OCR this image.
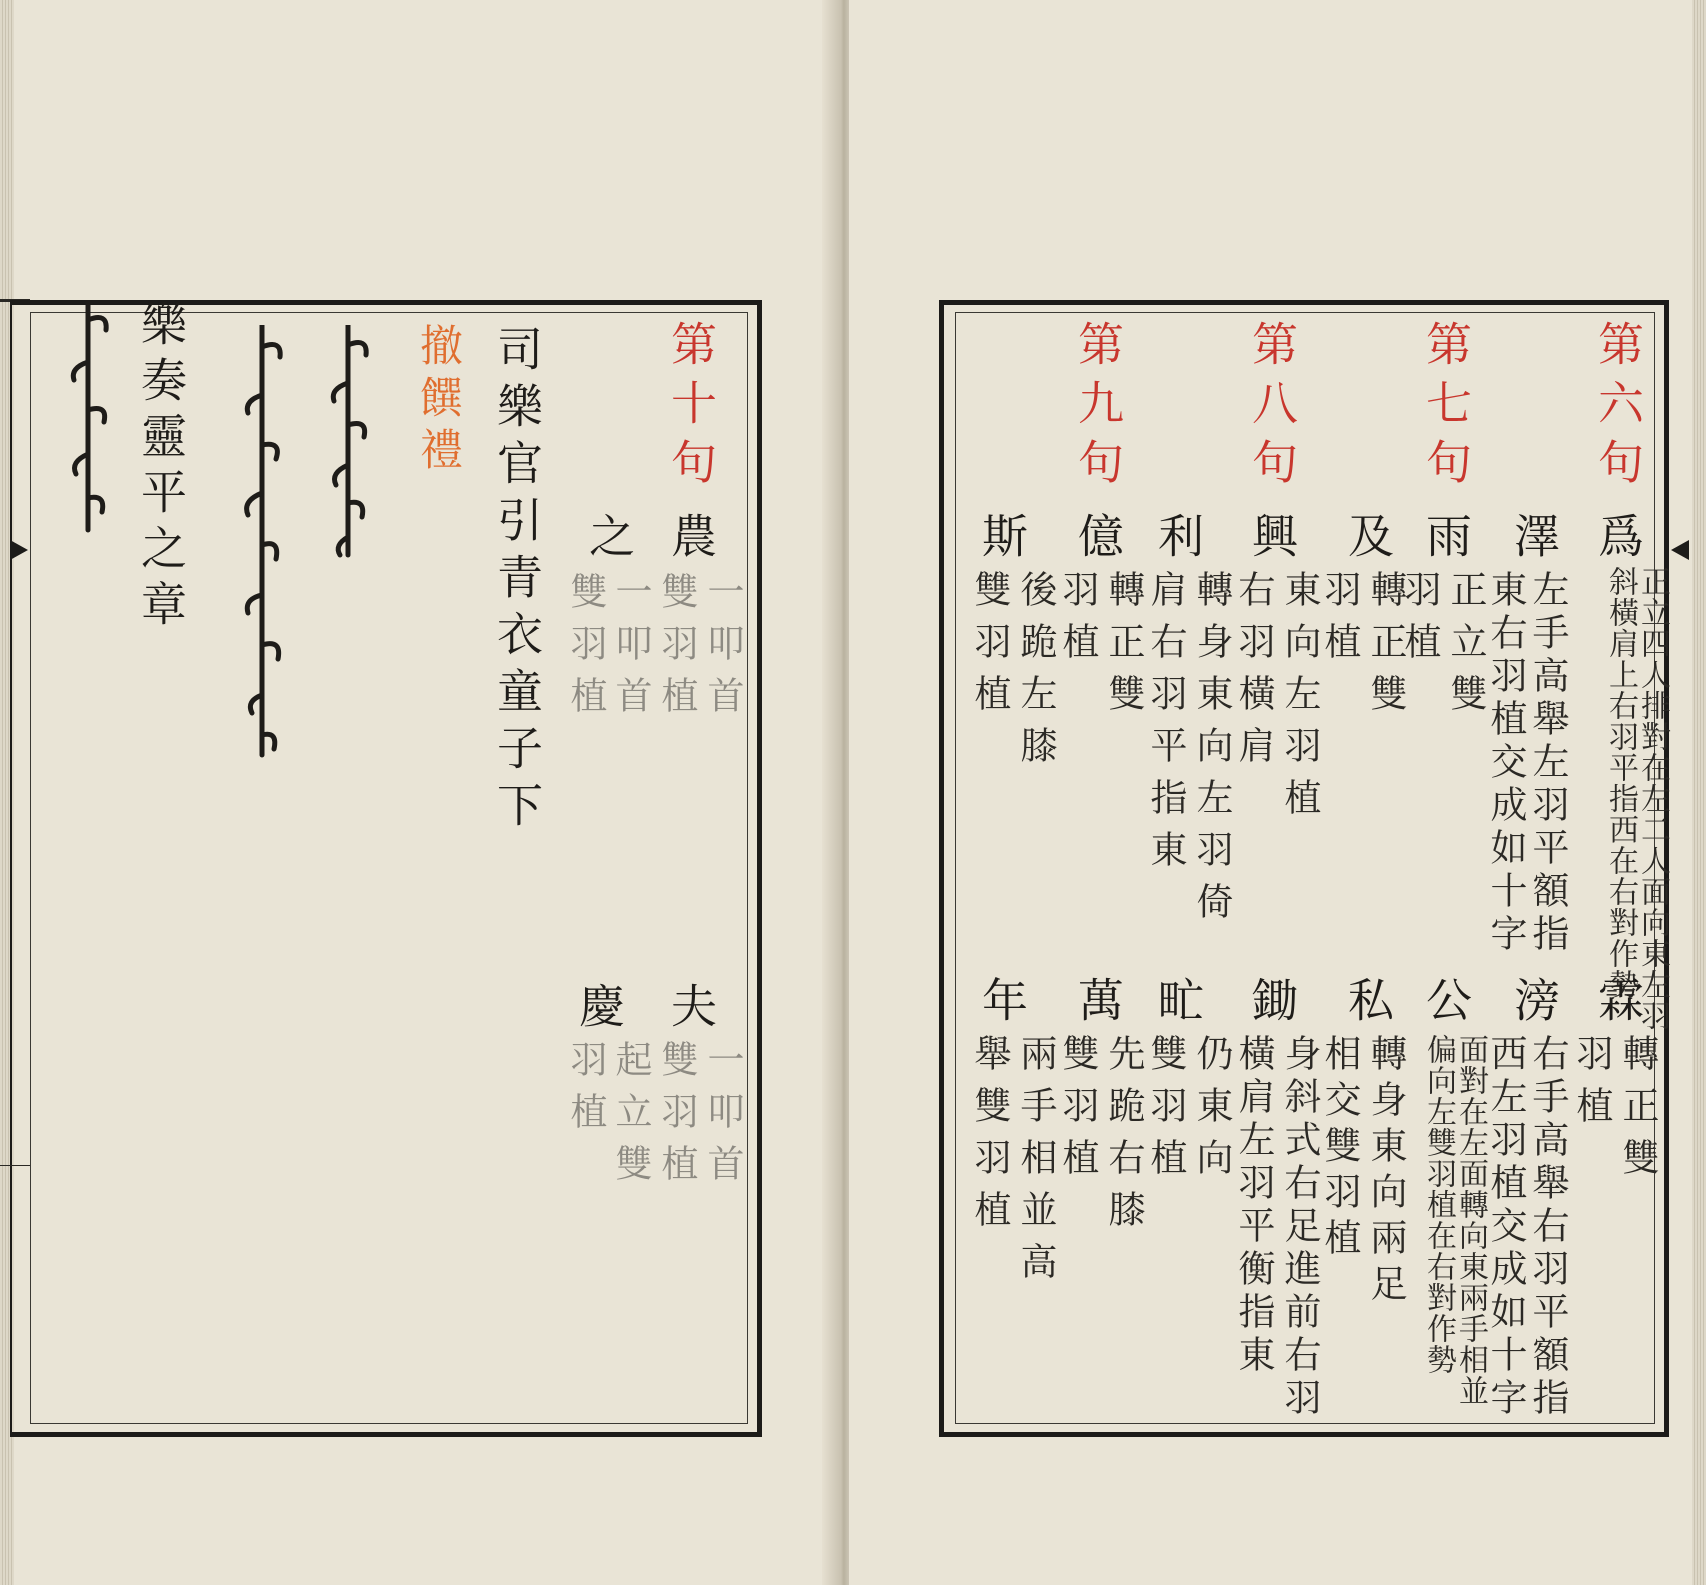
第十句
農
一叩首
雙羽植
之
一叩首
雙羽植
夫
一叩首
雙羽植
慶
起立雙
羽植
司樂官引青衣童子下
撤饌禮
樂奏靈平之章	第六句
第七句
第八句
第九句
爲
正立四人排對在左二人面向東左羽
斜橫肩上右羽平指西在右對作勢
澤
左手高舉左羽平額指
東右羽植交成如十字
雨
正立雙
羽植
及
轉正雙
羽植
興
東向左羽植
右羽橫肩
利
轉身東向左羽倚
肩右羽平指東
億
轉正雙
羽植
斯
後跪左膝
雙羽植
霖
轉正雙
羽植
滂
右手高舉右羽平額指
西左羽植交成如十字
公
面對在左面轉向東兩手相並
偏向左雙羽植在右對作勢
私
轉身東向兩足
相交雙羽植
鋤
身斜式右足進前右羽
橫肩左羽平衡指東
甿
仍東向
雙羽植
萬
先跪右膝
雙羽植
年
兩手相並高
舉雙羽植
